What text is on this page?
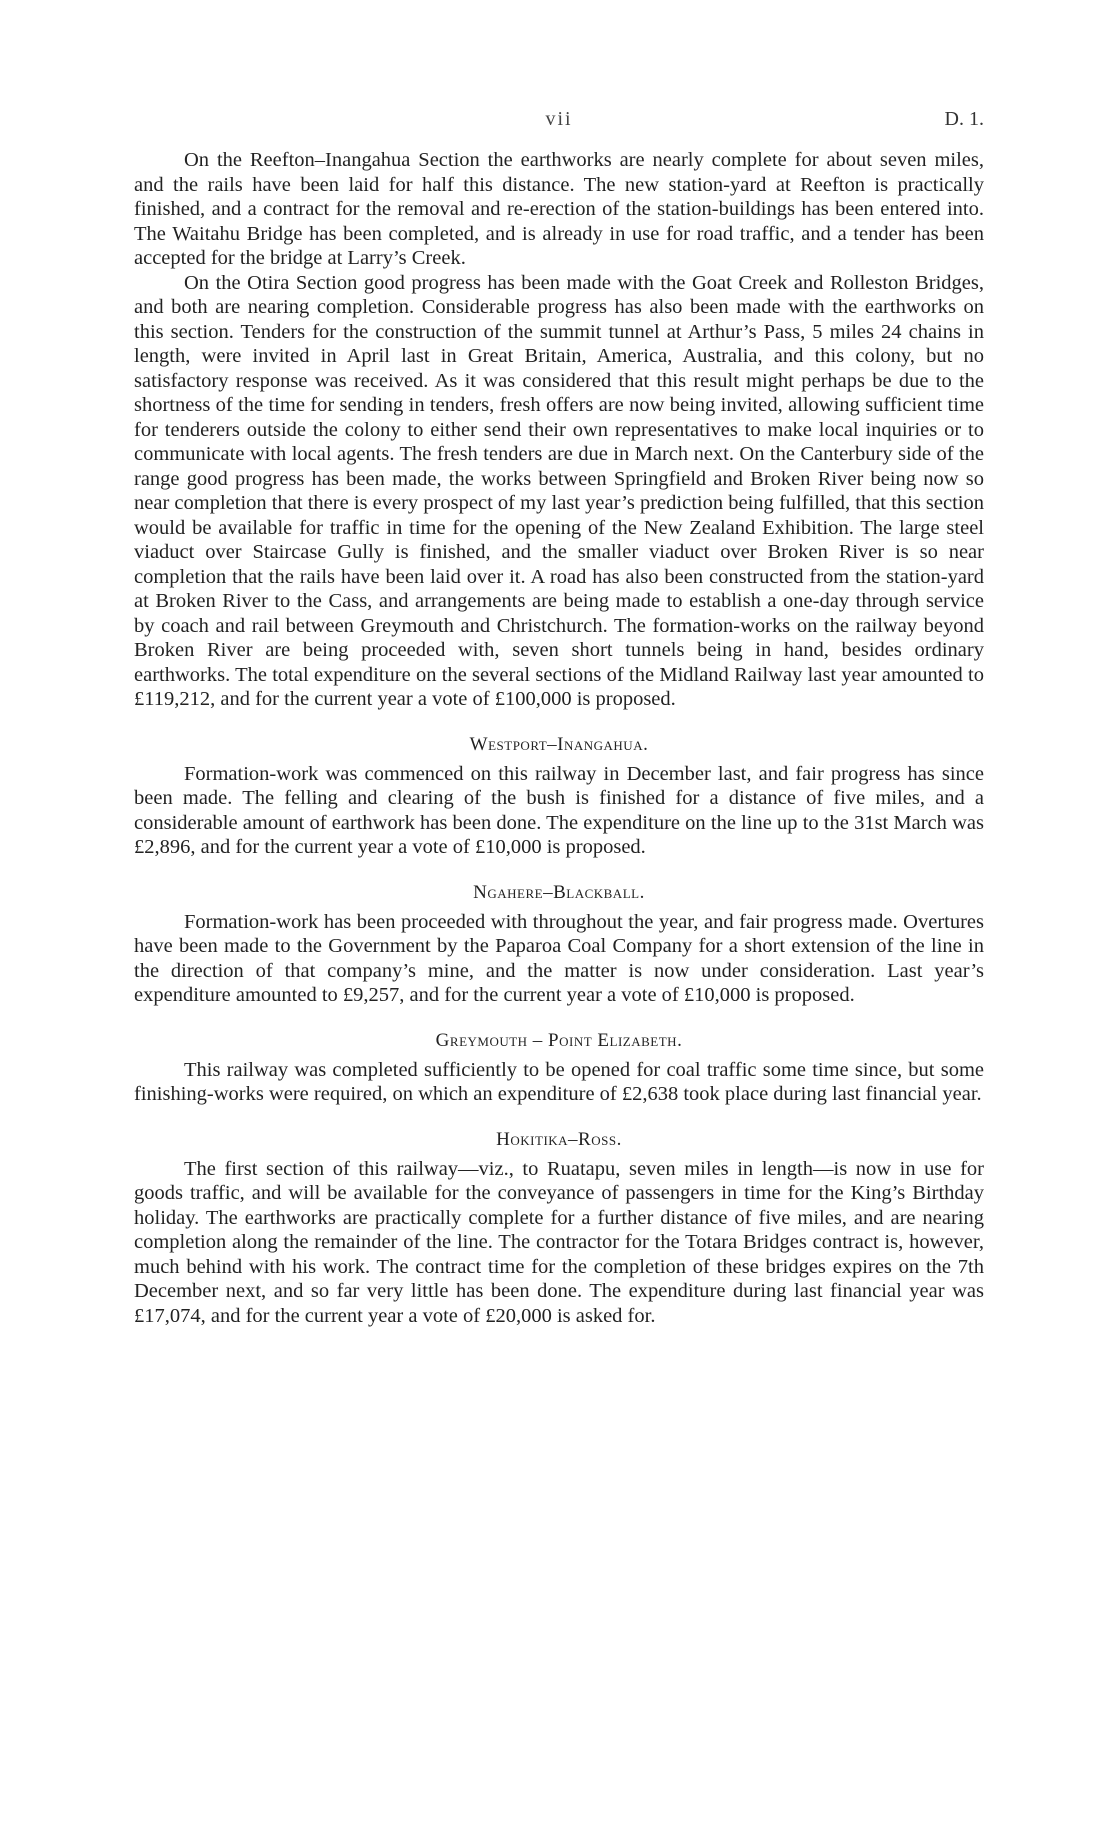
vii	D. 1.

On the Reefton–Inangahua Section the earthworks are nearly complete for about seven miles, and the rails have been laid for half this distance. The new station-yard at Reefton is practically finished, and a contract for the removal and re-erection of the station-buildings has been entered into. The Waitahu Bridge has been completed, and is already in use for road traffic, and a tender has been accepted for the bridge at Larry’s Creek.

On the Otira Section good progress has been made with the Goat Creek and Rolleston Bridges, and both are nearing completion. Considerable progress has also been made with the earthworks on this section. Tenders for the construction of the summit tunnel at Arthur’s Pass, 5 miles 24 chains in length, were invited in April last in Great Britain, America, Australia, and this colony, but no satisfactory response was received. As it was considered that this result might perhaps be due to the shortness of the time for sending in tenders, fresh offers are now being invited, allowing sufficient time for tenderers outside the colony to either send their own representatives to make local inquiries or to communicate with local agents. The fresh tenders are due in March next. On the Canterbury side of the range good progress has been made, the works between Springfield and Broken River being now so near completion that there is every prospect of my last year’s prediction being fulfilled, that this section would be available for traffic in time for the opening of the New Zealand Exhibition. The large steel viaduct over Staircase Gully is finished, and the smaller viaduct over Broken River is so near completion that the rails have been laid over it. A road has also been constructed from the station-yard at Broken River to the Cass, and arrangements are being made to establish a one-day through service by coach and rail between Greymouth and Christchurch. The formation-works on the railway beyond Broken River are being proceeded with, seven short tunnels being in hand, besides ordinary earthworks. The total expenditure on the several sections of the Midland Railway last year amounted to £119,212, and for the current year a vote of £100,000 is proposed.

Westport–Inangahua.

Formation-work was commenced on this railway in December last, and fair progress has since been made. The felling and clearing of the bush is finished for a distance of five miles, and a considerable amount of earthwork has been done. The expenditure on the line up to the 31st March was £2,896, and for the current year a vote of £10,000 is proposed.

Ngahere–Blackball.

Formation-work has been proceeded with throughout the year, and fair progress made. Overtures have been made to the Government by the Paparoa Coal Company for a short extension of the line in the direction of that company’s mine, and the matter is now under consideration. Last year’s expenditure amounted to £9,257, and for the current year a vote of £10,000 is proposed.

Greymouth – Point Elizabeth.

This railway was completed sufficiently to be opened for coal traffic some time since, but some finishing-works were required, on which an expenditure of £2,638 took place during last financial year.

Hokitika–Ross.

The first section of this railway—viz., to Ruatapu, seven miles in length—is now in use for goods traffic, and will be available for the conveyance of passengers in time for the King’s Birthday holiday. The earthworks are practically complete for a further distance of five miles, and are nearing completion along the remainder of the line. The contractor for the Totara Bridges contract is, however, much behind with his work. The contract time for the completion of these bridges expires on the 7th December next, and so far very little has been done. The expenditure during last financial year was £17,074, and for the current year a vote of £20,000 is asked for.
